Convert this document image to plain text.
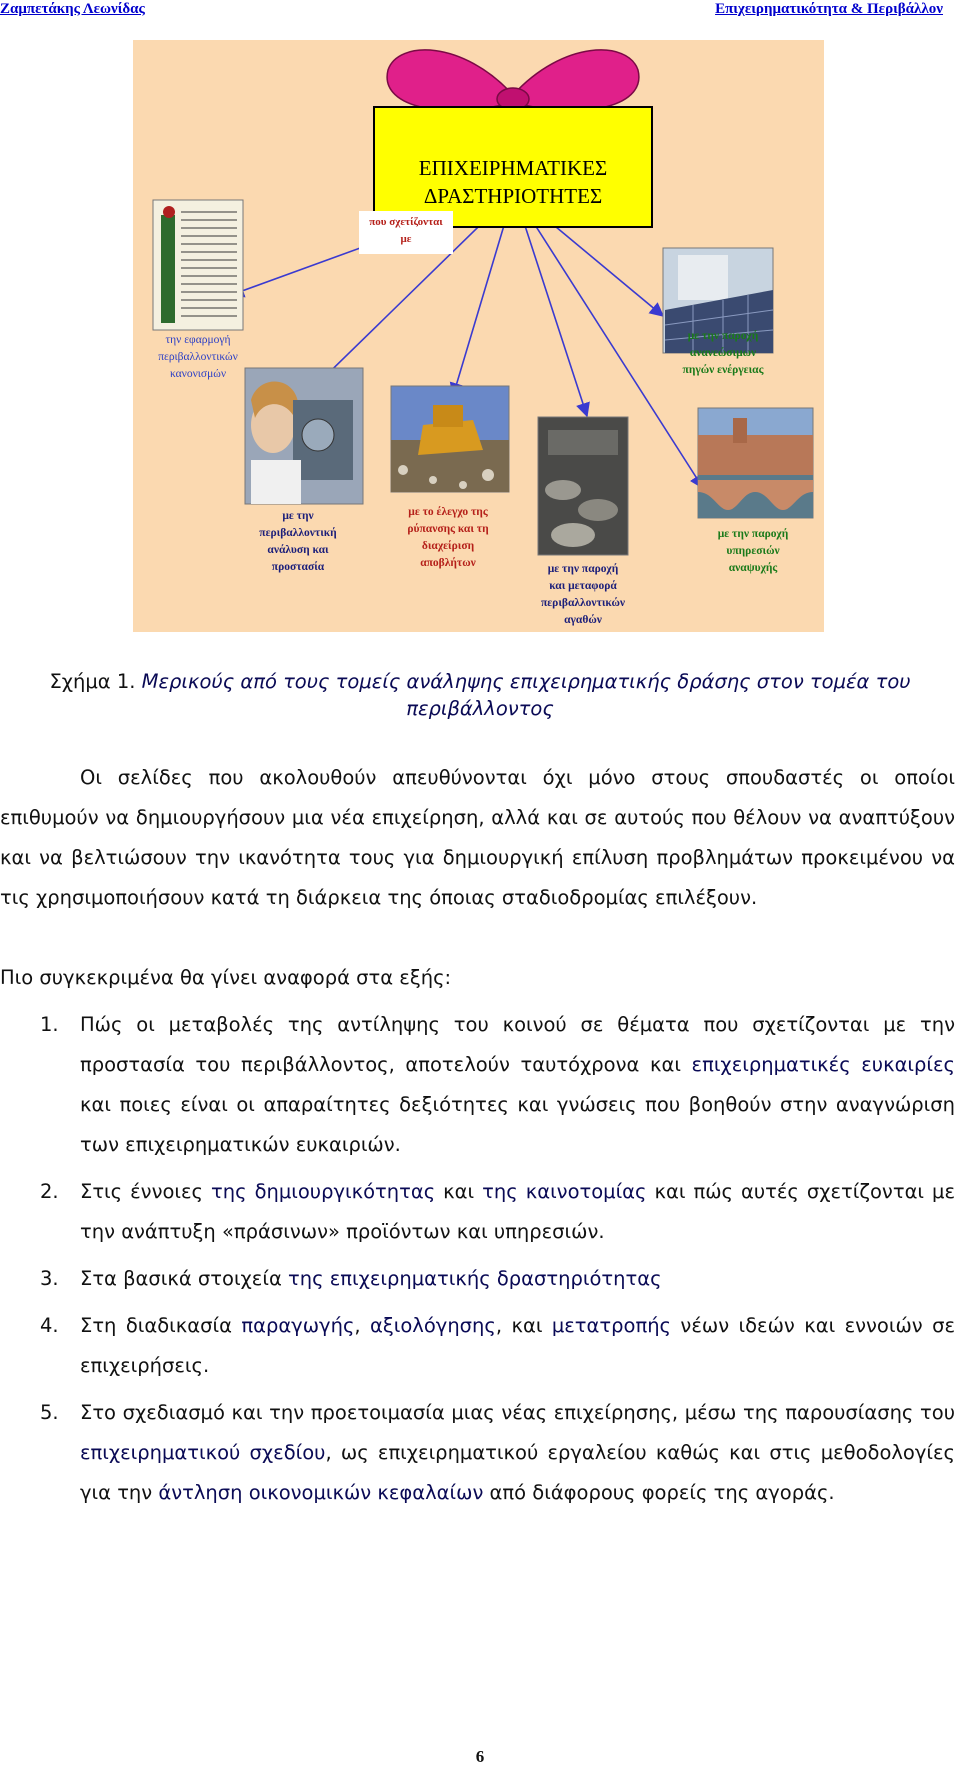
Ζαμπετάκης Λεωνίδας	Επιχειρηματικότητα & Περιβάλλον
ΕΠΙΧΕΙΡΗΜΑΤΙΚΕΣ
ΔΡΑΣΤΗΡΙΟΤΗΤΕΣ
που σχετίζονται
με
την εφαρμογή
περιβαλλοντικών
κανονισμών
με την παροχή
ανανεώσιμων
πηγών ενέργειας
με την
περιβαλλοντική
ανάλυση και
προστασία
με το έλεγχο της
ρύπανσης και τη
διαχείριση
αποβλήτων	με την παροχή
και μεταφορά
περιβαλλοντικών
αγαθών
με την παροχή
υπηρεσιών
αναψυχής
Σχήμα 1. Μερικούς από τους τομείς ανάληψης επιχειρηματικής δράσης στον τομέα του
περιβάλλοντος
Οι σελίδες που ακολουθούν απευθύνονται όχι μόνο στους σπουδαστές οι οποίοι επιθυμούν να δημιουργήσουν μια νέα επιχείρηση, αλλά και σε αυτούς που θέλουν να αναπτύξουν και να βελτιώσουν την ικανότητα τους για δημιουργική επίλυση προβλημάτων προκειμένου να τις χρησιμοποιήσουν κατά τη διάρκεια της όποιας σταδιοδρομίας επιλέξουν.
Πιο συγκεκριμένα θα γίνει αναφορά στα εξής:
1. Πώς οι μεταβολές της αντίληψης του κοινού σε θέματα που σχετίζονται με την προστασία του περιβάλλοντος, αποτελούν ταυτόχρονα και επιχειρηματικές ευκαιρίες και ποιες είναι οι απαραίτητες δεξιότητες και γνώσεις που βοηθούν στην αναγνώριση των επιχειρηματικών ευκαιριών.
2. Στις έννοιες της δημιουργικότητας και της καινοτομίας και πώς αυτές σχετίζονται με την ανάπτυξη «πράσινων» προϊόντων και υπηρεσιών.
3. Στα βασικά στοιχεία της επιχειρηματικής δραστηριότητας
4. Στη διαδικασία παραγωγής, αξιολόγησης, και μετατροπής νέων ιδεών και εννοιών σε επιχειρήσεις.
5. Στο σχεδιασμό και την προετοιμασία μιας νέας επιχείρησης, μέσω της παρουσίασης του επιχειρηματικού σχεδίου, ως επιχειρηματικού εργαλείου καθώς και στις μεθοδολογίες για την άντληση οικονομικών κεφαλαίων από διάφορους φορείς της αγοράς.
6
